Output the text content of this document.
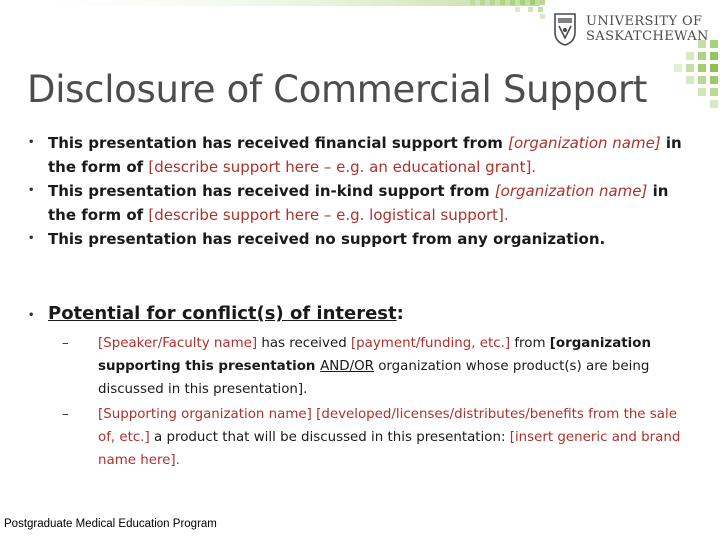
UNIVERSITY OF
SASKATCHEWAN
Disclosure of Commercial Support
• This presentation has received financial support from [organization name] in the form of [describe support here – e.g. an educational grant].
• This presentation has received in-kind support from [organization name] in the form of [describe support here – e.g. logistical support].
• This presentation has received no support from any organization.
• Potential for conflict(s) of interest:
– [Speaker/Faculty name] has received [payment/funding, etc.] from [organization supporting this presentation AND/OR organization whose product(s) are being discussed in this presentation].
– [Supporting organization name] [developed/licenses/distributes/benefits from the sale of, etc.] a product that will be discussed in this presentation: [insert generic and brand name here].
Postgraduate Medical Education Program
